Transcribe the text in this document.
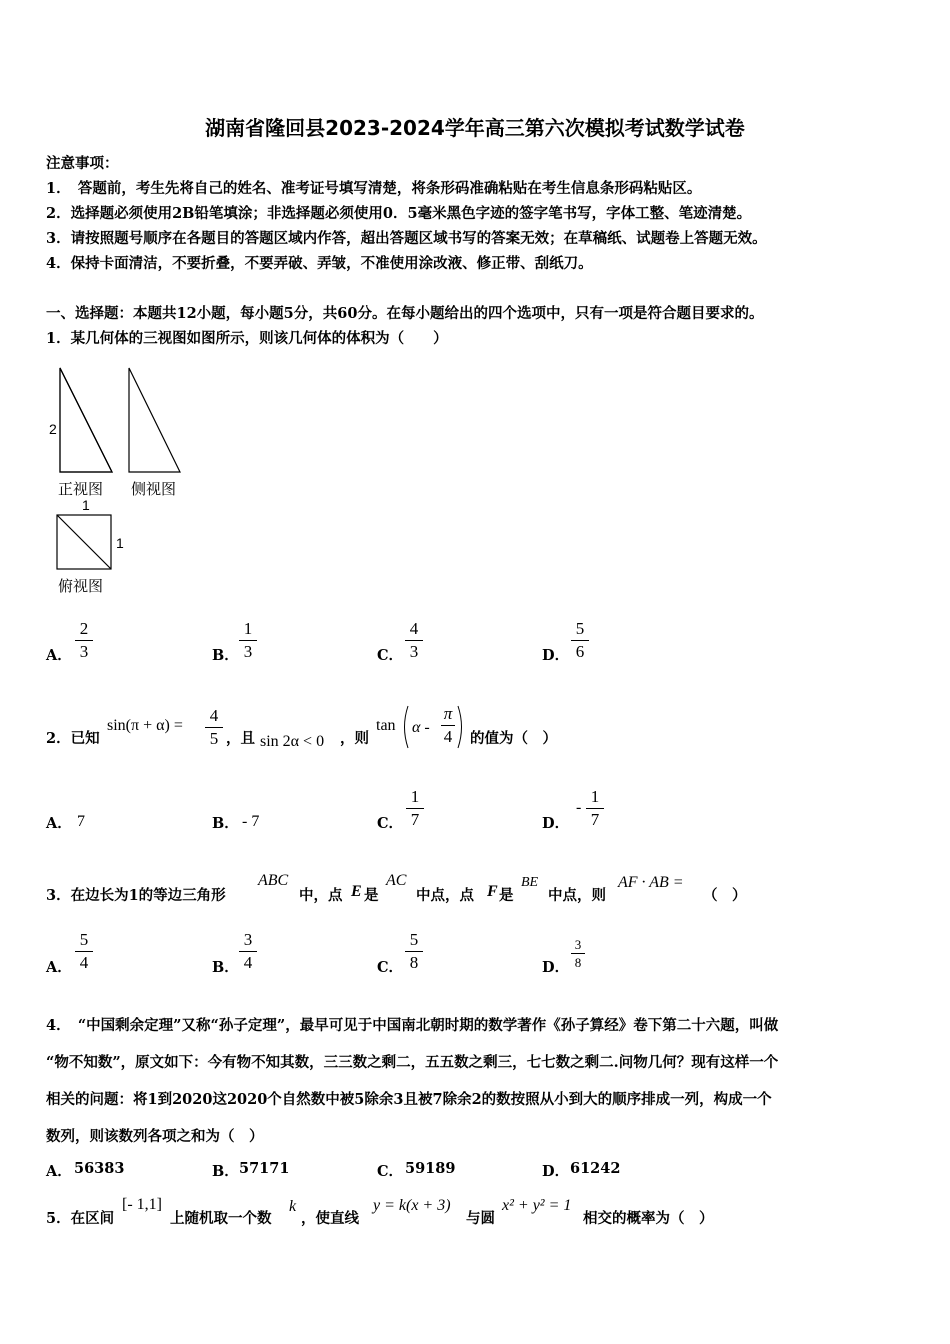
湖南省隆回县2023-2024学年高三第六次模拟考试数学试卷
注意事项：
1．　答题前，考生先将自己的姓名、准考证号填写清楚，将条形码准确粘贴在考生信息条形码粘贴区。
2．选择题必须使用2B铅笔填涂；非选择题必须使用0．5毫米黑色字迹的签字笔书写，字体工整、笔迹清楚。
3．请按照题号顺序在各题目的答题区域内作答，超出答题区域书写的答案无效；在草稿纸、试题卷上答题无效。
4．保持卡面清洁，不要折叠，不要弄破、弄皱，不准使用涂改液、修正带、刮纸刀。
一、选择题：本题共12小题，每小题5分，共60分。在每小题给出的四个选项中，只有一项是符合题目要求的。
1．某几何体的三视图如图所示，则该几何体的体积为（　　）
2
正视图 侧视图
1
1
俯视图
A．
2
3	B．
1
3	C．
4
3	D．
5
6
2．已知
sin(π + α) =
4
5 ，且 sin 2α < 0 ，则
tan α -
π
4 的值为（　）
A． 7	B． - 7	C．
1
7	D．
-
1
7
3．在边长为1的等边三角形
ABC
中，点 E 是
AC
中点，点 F 是
BE
中点，则
AF · AB =
（　）
A．
5
4	B．
3
4	C．
5
8	D．
3
8
4．　“中国剩余定理”又称“孙子定理”，最早可见于中国南北朝时期的数学著作《孙子算经》卷下第二十六题，叫做
“物不知数”，原文如下：今有物不知其数，三三数之剩二，五五数之剩三，七七数之剩二.问物几何？现有这样一个
相关的问题：将1到2020这2020个自然数中被5除余3且被7除余2的数按照从小到大的顺序排成一列，构成一个
数列，则该数列各项之和为（　）
A． 56383	B． 57171	C． 59189	D． 61242
5．在区间
[- 1,1]
上随机取一个数
k
，使直线
y = k(x + 3)
与圆
x² + y² = 1
相交的概率为（　）
